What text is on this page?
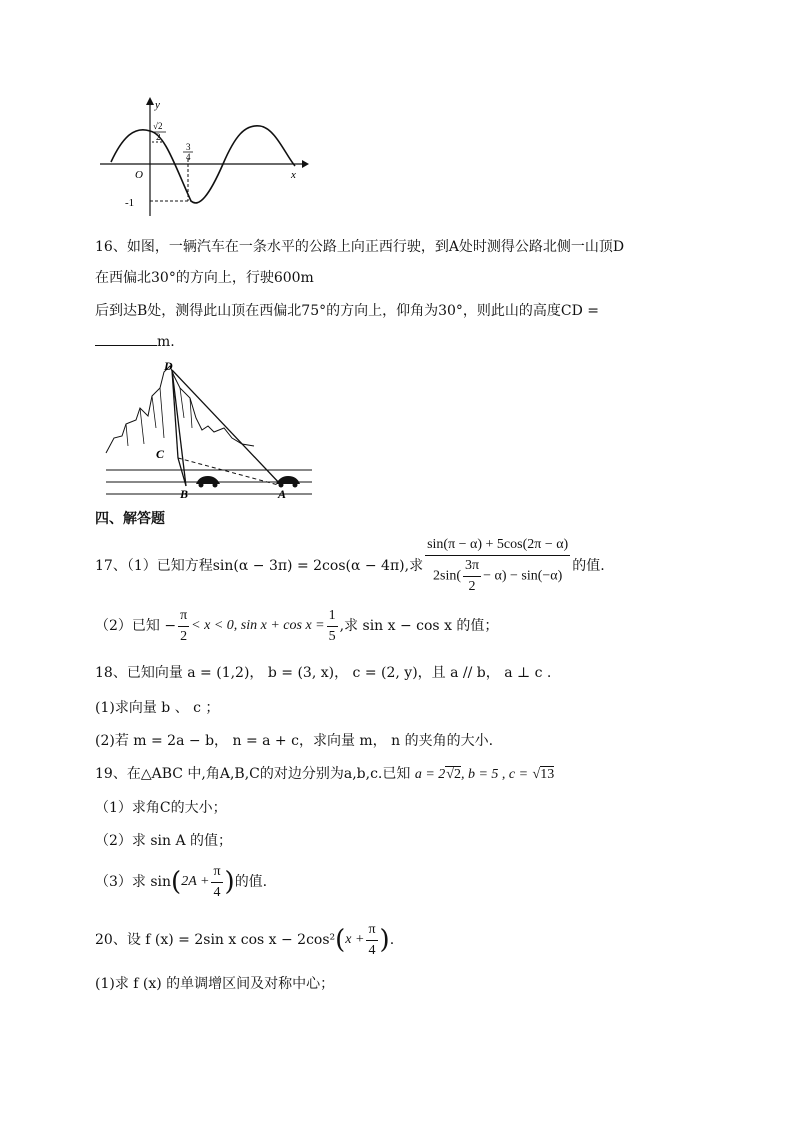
y
x
O
√2
2
3
4
-1
16、如图，一辆汽车在一条水平的公路上向正西行驶，到A处时测得公路北侧一山顶D
在西偏北30°的方向上，行驶600m
后到达B处，测得此山顶在西偏北75°的方向上，仰角为30°，则此山的高度CD =
m.
D
C
B	A
四、解答题
17、（1）已知方程sin(α − 3π) = 2cos(α − 4π),求 $\frac{\sin(\pi - \alpha) + 5\cos(2\pi - \alpha)}{2\sin( \frac{3\pi}{2} - \alpha) - \sin(-\alpha)}$ 的值.
（2）已知 − $\frac{\pi}{2} < x < 0$, $\sin x + \cos x = \frac{1}{5}$ ,求 sin x − cos x 的值；
18、已知向量 a = (1,2)， b = (3, x)， c = (2, y)，且 a // b， a ⊥ c .
(1)求向量 b 、 c ；
(2)若 m = 2a − b， n = a + c，求向量 m， n 的夹角的大小.
19、在△ABC 中,角A,B,C的对边分别为a,b,c.已知 a = 2√2, b = 5 , c = √13
（1）求角C的大小；
（2）求 sin A 的值；
（3）求 sin ( $2A + \frac{\pi}{4}$ ) 的值.
20、设 f (x) = 2sin x cos x − 2cos² ( $x + \frac{\pi}{4}$ ) .
(1)求 f (x) 的单调增区间及对称中心；
